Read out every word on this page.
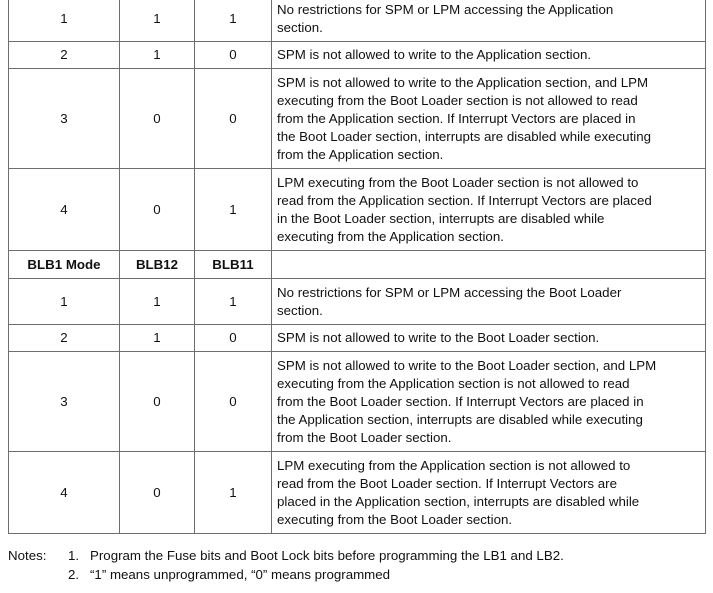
1	1	1	No restrictions for SPM or LPM accessing the Application
section.
2	1	0	SPM is not allowed to write to the Application section.
3	0	0	SPM is not allowed to write to the Application section, and LPM
executing from the Boot Loader section is not allowed to read
from the Application section. If Interrupt Vectors are placed in
the Boot Loader section, interrupts are disabled while executing
from the Application section.
4	0	1	LPM executing from the Boot Loader section is not allowed to
read from the Application section. If Interrupt Vectors are placed
in the Boot Loader section, interrupts are disabled while
executing from the Application section.
BLB1 Mode	BLB12	BLB11	
1	1	1	No restrictions for SPM or LPM accessing the Boot Loader
section.
2	1	0	SPM is not allowed to write to the Boot Loader section.
3	0	0	SPM is not allowed to write to the Boot Loader section, and LPM
executing from the Application section is not allowed to read
from the Boot Loader section. If Interrupt Vectors are placed in
the Application section, interrupts are disabled while executing
from the Boot Loader section.
4	0	1	LPM executing from the Application section is not allowed to
read from the Boot Loader section. If Interrupt Vectors are
placed in the Application section, interrupts are disabled while
executing from the Boot Loader section.
Notes: 1. Program the Fuse bits and Boot Lock bits before programming the LB1 and LB2.
2. “1” means unprogrammed, “0” means programmed
